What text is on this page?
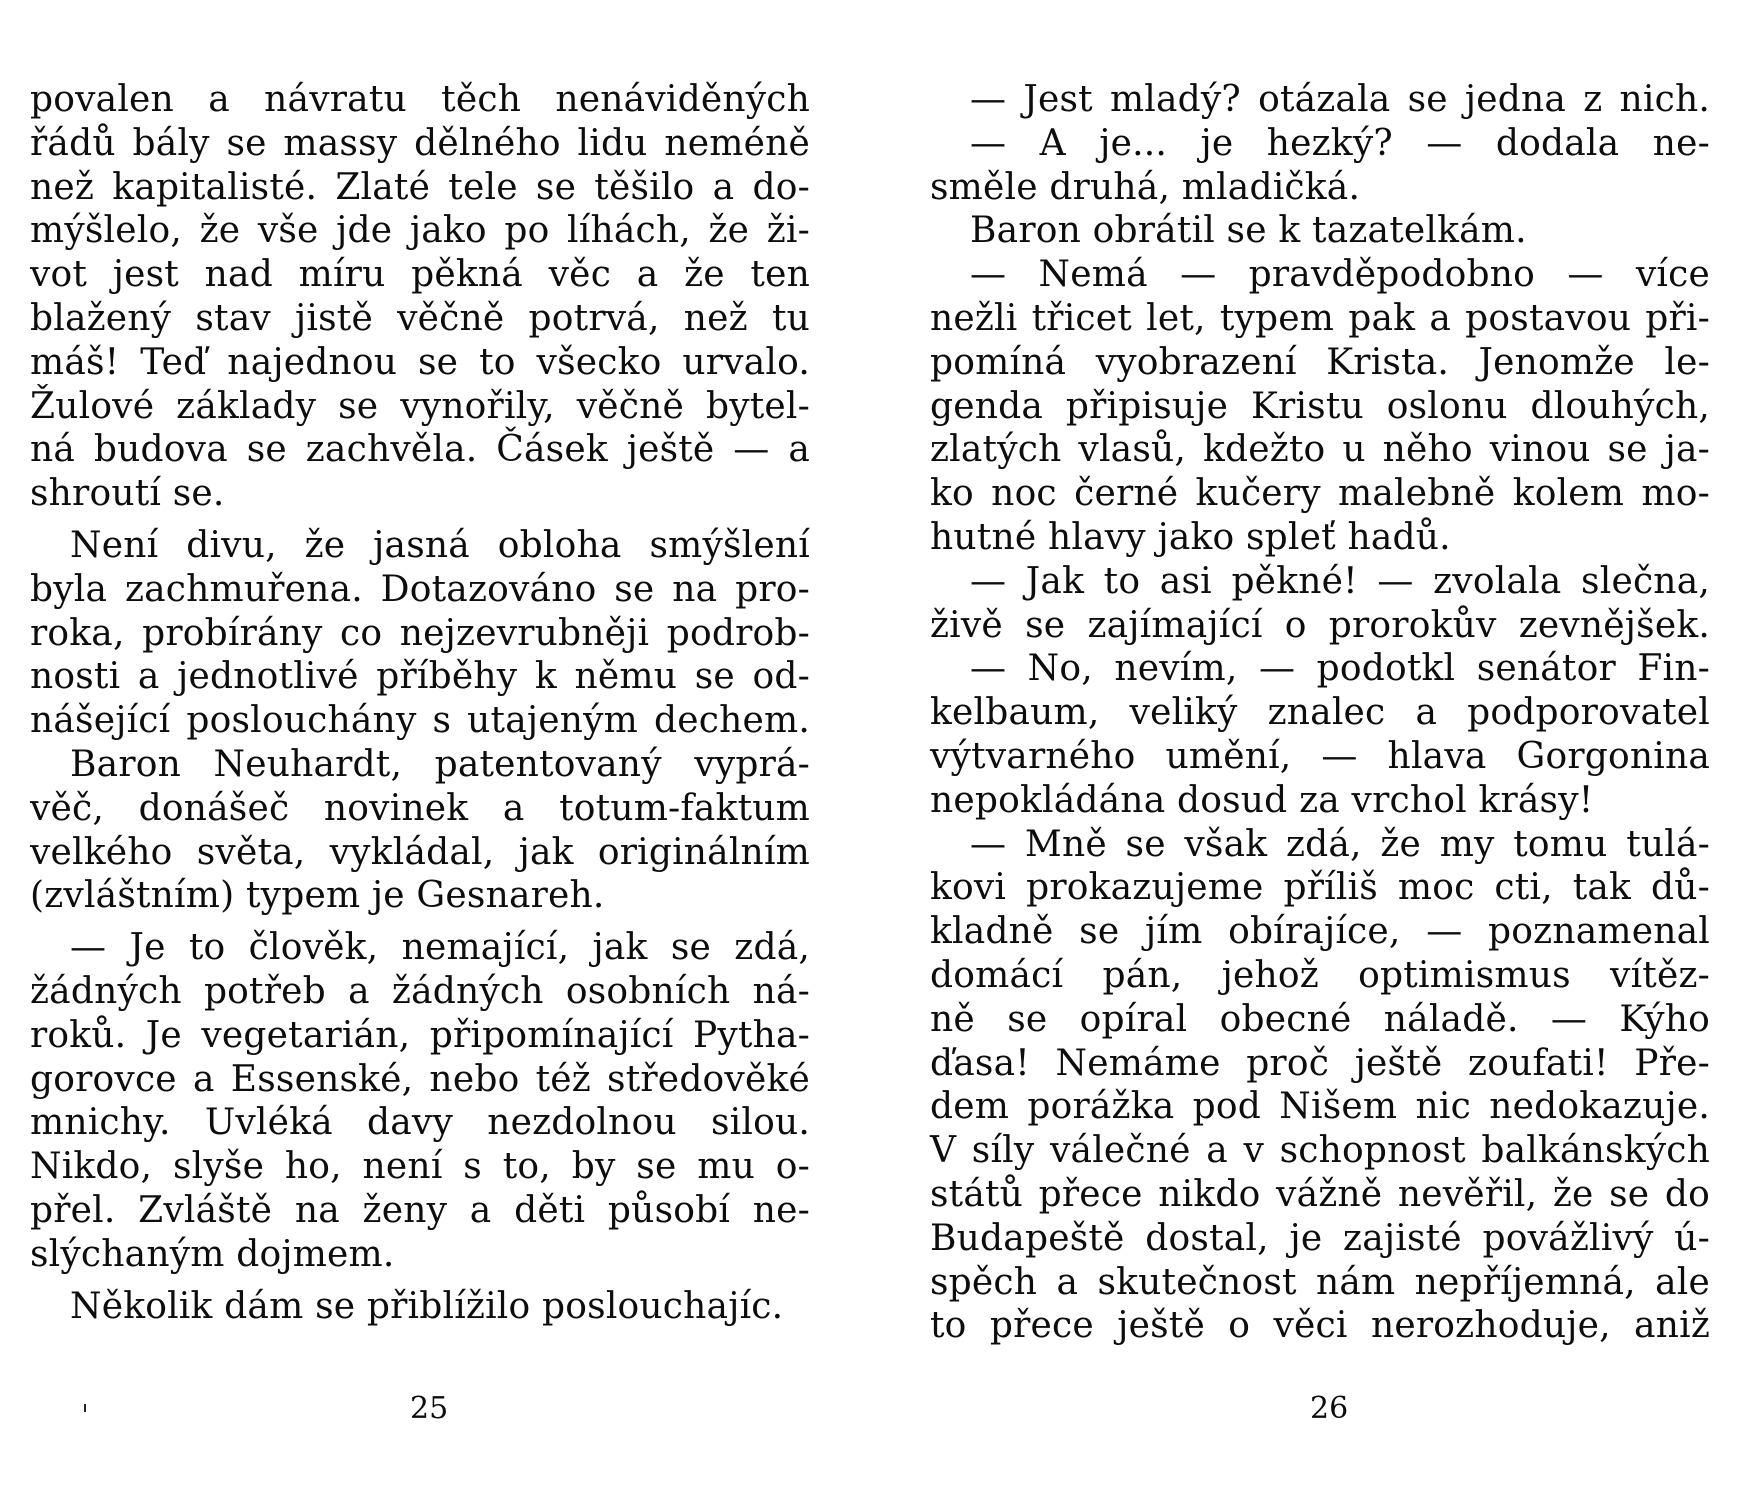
povalen a návratu těch nenáviděných
řádů bály se massy dělného lidu neméně
než kapitalisté. Zlaté tele se těšilo a do-
mýšlelo, že vše jde jako po líhách, že ži-
vot jest nad míru pěkná věc a že ten
blažený stav jistě věčně potrvá, než tu
máš! Teď najednou se to všecko urvalo.
Žulové základy se vynořily, věčně bytel-
ná budova se zachvěla. Čásek ještě — a
shroutí se.
Není divu, že jasná obloha smýšlení
byla zachmuřena. Dotazováno se na pro-
roka, probírány co nejzevrubněji podrob-
nosti a jednotlivé příběhy k němu se od-
nášející poslouchány s utajeným dechem.
Baron Neuhardt, patentovaný vyprá-
věč, donášeč novinek a totum-faktum
velkého světa, vykládal, jak originálním
(zvláštním) typem je Gesnareh.
— Je to člověk, nemající, jak se zdá,
žádných potřeb a žádných osobních ná-
roků. Je vegetarián, připomínající Pytha-
gorovce a Essenské, nebo též středověké
mnichy. Uvléká davy nezdolnou silou.
Nikdo, slyše ho, není s to, by se mu o-
přel. Zvláště na ženy a děti působí ne-
slýchaným dojmem.
Několik dám se přiblížilo poslouchajíc.
— Jest mladý? otázala se jedna z nich.
— A je... je hezký? — dodala ne-
směle druhá, mladičká.
Baron obrátil se k tazatelkám.
— Nemá — pravděpodobno — více
nežli třicet let, typem pak a postavou při-
pomíná vyobrazení Krista. Jenomže le-
genda připisuje Kristu oslonu dlouhých,
zlatých vlasů, kdežto u něho vinou se ja-
ko noc černé kučery malebně kolem mo-
hutné hlavy jako spleť hadů.
— Jak to asi pěkné! — zvolala slečna,
živě se zajímající o prorokův zevnějšek.
— No, nevím, — podotkl senátor Fin-
kelbaum, veliký znalec a podporovatel
výtvarného umění, — hlava Gorgonina
nepokládána dosud za vrchol krásy!
— Mně se však zdá, že my tomu tulá-
kovi prokazujeme příliš moc cti, tak dů-
kladně se jím obírajíce, — poznamenal
domácí pán, jehož optimismus vítěz-
ně se opíral obecné náladě. — Kýho
ďasa! Nemáme proč ještě zoufati! Pře-
dem porážka pod Nišem nic nedokazuje.
V síly válečné a v schopnost balkánských
států přece nikdo vážně nevěřil, že se do
Budapeště dostal, je zajisté povážlivý ú-
spěch a skutečnost nám nepříjemná, ale
to přece ještě o věci nerozhoduje, aniž
25	26
